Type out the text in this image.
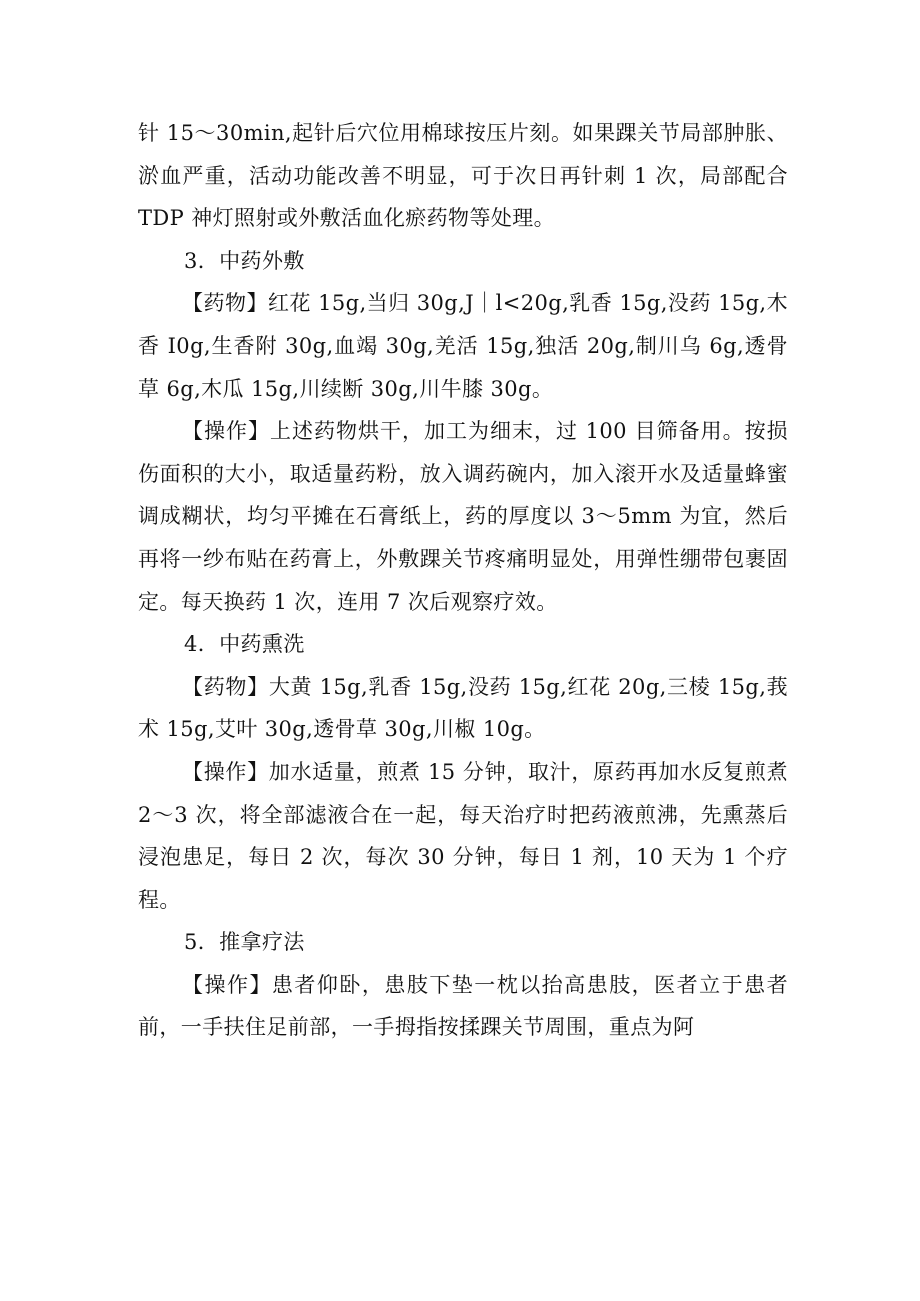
针 15～30min,起针后穴位用棉球按压片刻。如果踝关节局部肿胀、淤血严重，活动功能改善不明显，可于次日再针刺 1 次，局部配合 TDP 神灯照射或外敷活血化瘀药物等处理。

3．中药外敷

【药物】红花 15g,当归 30g,J｜l<20g,乳香 15g,没药 15g,木香 I0g,生香附 30g,血竭 30g,羌活 15g,独活 20g,制川乌 6g,透骨草 6g,木瓜 15g,川续断 30g,川牛膝 30g。

【操作】上述药物烘干，加工为细末，过 100 目筛备用。按损伤面积的大小，取适量药粉，放入调药碗内，加入滚开水及适量蜂蜜调成糊状，均匀平摊在石膏纸上，药的厚度以 3～5mm 为宜，然后再将一纱布贴在药膏上，外敷踝关节疼痛明显处，用弹性绷带包裹固定。每天换药 1 次，连用 7 次后观察疗效。

4．中药熏洗

【药物】大黄 15g,乳香 15g,没药 15g,红花 20g,三棱 15g,莪术 15g,艾叶 30g,透骨草 30g,川椒 10g。

【操作】加水适量，煎煮 15 分钟，取汁，原药再加水反复煎煮 2～3 次，将全部滤液合在一起，每天治疗时把药液煎沸，先熏蒸后浸泡患足，每日 2 次，每次 30 分钟，每日 1 剂，10 天为 1 个疗程。

5．推拿疗法

【操作】患者仰卧，患肢下垫一枕以抬高患肢，医者立于患者前，一手扶住足前部，一手拇指按揉踝关节周围，重点为阿
